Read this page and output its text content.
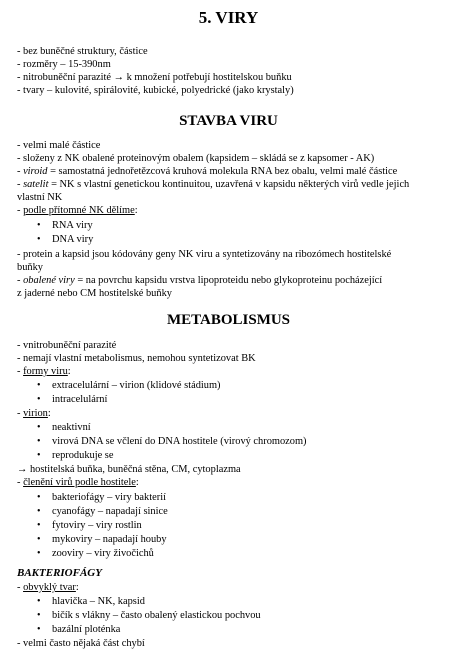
5. VIRY
- bez buněčné struktury, částice
- rozměry – 15-390nm
- nitrobuněční parazité → k množení potřebují hostitelskou buňku
- tvary – kulovité, spirálovité, kubické, polyedrické (jako krystaly)
STAVBA VIRU
- velmi malé částice
- složeny z NK obalené proteinovým obalem (kapsidem – skládá se z kapsomer - AK)
- viroid = samostatná jednořetězcová kruhová molekula RNA bez obalu, velmi malé částice
- satelit = NK s vlastní genetickou kontinuitou, uzavřená v kapsidu některých virů vedle jejich
vlastní NK
- podle přítomné NK dělíme:
• RNA viry
• DNA viry
- protein a kapsid jsou kódovány geny NK viru a syntetizovány na ribozómech hostitelské
buňky
- obalené viry = na povrchu kapsidu vrstva lipoproteidu nebo glykoproteinu pocházející
z jaderné nebo CM hostitelské buňky
METABOLISMUS
- vnitrobuněční parazité
- nemají vlastní metabolismus, nemohou syntetizovat BK
- formy viru:
• extracelulární – virion (klidové stádium)
• intracelulární
- virion:
• neaktivní
• virová DNA se včlení do DNA hostitele (virový chromozom)
• reprodukuje se
→ hostitelská buňka, buněčná stěna, CM, cytoplazma
- členění virů podle hostitele:
• bakteriofágy – viry bakterií
• cyanofágy – napadají sinice
• fytoviry – viry rostlin
• mykoviry – napadají houby
• zooviry – viry živočichů
BAKTERIOFÁGY
- obvyklý tvar:
• hlavička – NK, kapsid
• bičík s vlákny – často obalený elastickou pochvou
• bazální ploténka
- velmi často nějaká část chybí
